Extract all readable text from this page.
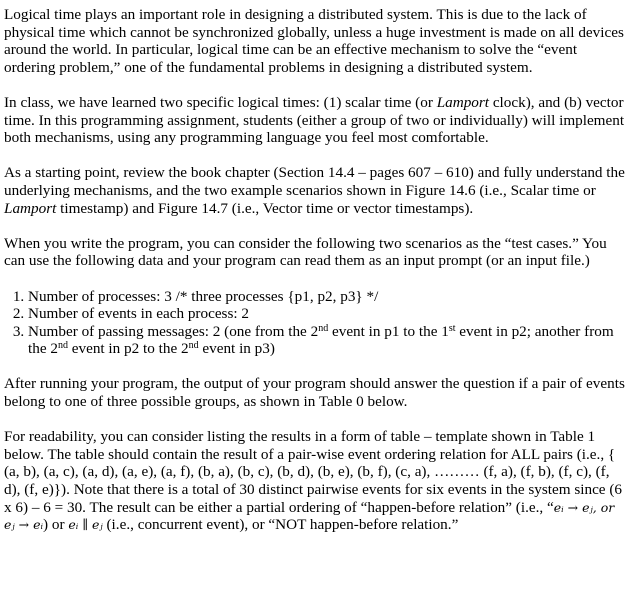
Logical time plays an important role in designing a distributed system. This is due to the lack of physical time which cannot be synchronized globally, unless a huge investment is made on all devices around the world. In particular, logical time can be an effective mechanism to solve the “event ordering problem,” one of the fundamental problems in designing a distributed system.

In class, we have learned two specific logical times: (1) scalar time (or Lamport clock), and (b) vector time. In this programming assignment, students (either a group of two or individually) will implement both mechanisms, using any programming language you feel most comfortable.

As a starting point, review the book chapter (Section 14.4 – pages 607 – 610) and fully understand the underlying mechanisms, and the two example scenarios shown in Figure 14.6 (i.e., Scalar time or Lamport timestamp) and Figure 14.7 (i.e., Vector time or vector timestamps).

When you write the program, you can consider the following two scenarios as the “test cases.” You can use the following data and your program can read them as an input prompt (or an input file.)

1. Number of processes: 3 /* three processes {p1, p2, p3} */
2. Number of events in each process: 2
3. Number of passing messages: 2 (one from the 2nd event in p1 to the 1st event in p2; another from the 2nd event in p2 to the 2nd event in p3)

After running your program, the output of your program should answer the question if a pair of events belong to one of three possible groups, as shown in Table 0 below.

For readability, you can consider listing the results in a form of table – template shown in Table 1 below. The table should contain the result of a pair-wise event ordering relation for ALL pairs (i.e., { (a, b), (a, c), (a, d), (a, e), (a, f), (b, a), (b, c), (b, d), (b, e), (b, f), (c, a), ……… (f, a), (f, b), (f, c), (f, d), (f, e)}). Note that there is a total of 30 distinct pairwise events for six events in the system since (6 x 6) – 6 = 30. The result can be either a partial ordering of “happen-before relation” (i.e., “eᵢ → eⱼ, or eⱼ → eᵢ) or eᵢ ∥ eⱼ (i.e., concurrent event), or “NOT happen-before relation.”
